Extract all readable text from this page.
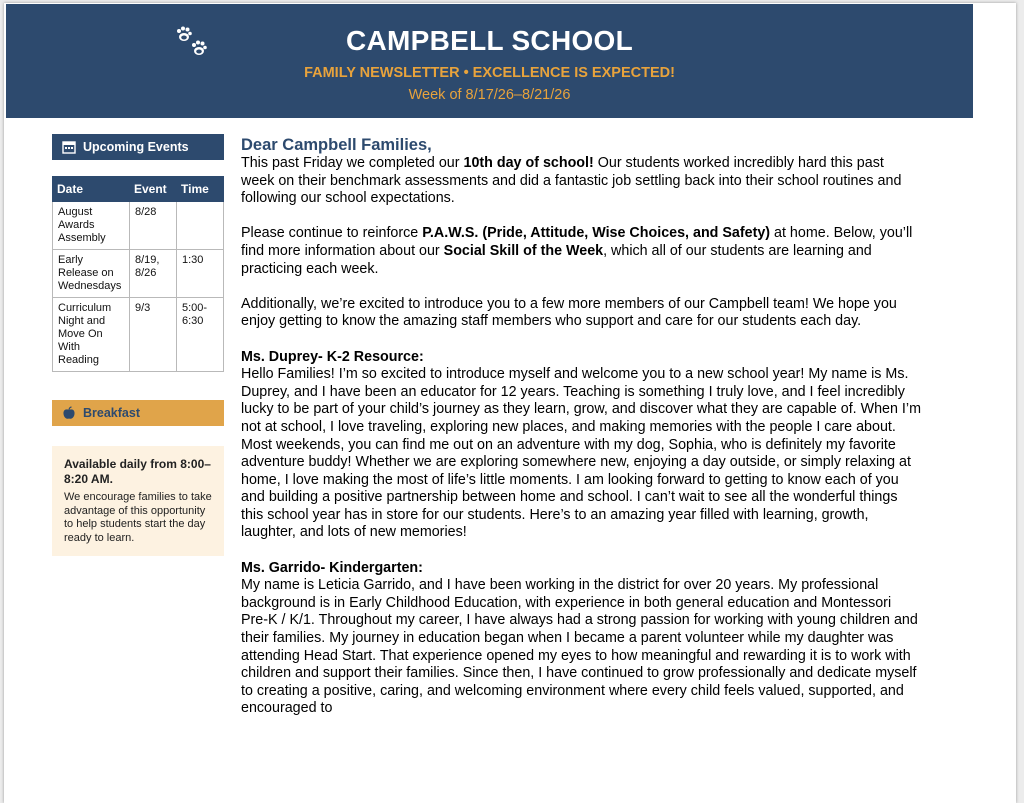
CAMPBELL SCHOOL
FAMILY NEWSLETTER • EXCELLENCE IS EXPECTED!
Week of 8/17/26–8/21/26
Upcoming Events
Date	Event	Time
August Awards Assembly	8/28	
Early Release on Wednesdays	8/19, 8/26	1:30
Curriculum Night and Move On With Reading	9/3	5:00-6:30
Breakfast
Available daily from 8:00–8:20 AM.
We encourage families to take advantage of this opportunity to help students start the day ready to learn.
Dear Campbell Families,

This past Friday we completed our 10th day of school! Our students worked incredibly hard this past week on their benchmark assessments and did a fantastic job settling back into their school routines and following our school expectations.

Please continue to reinforce P.A.W.S. (Pride, Attitude, Wise Choices, and Safety) at home. Below, you’ll find more information about our Social Skill of the Week, which all of our students are learning and practicing each week.

Additionally, we’re excited to introduce you to a few more members of our Campbell team! We hope you enjoy getting to know the amazing staff members who support and care for our students each day.

Ms. Duprey- K-2 Resource:

Hello Families! I’m so excited to introduce myself and welcome you to a new school year! My name is Ms. Duprey, and I have been an educator for 12 years. Teaching is something I truly love, and I feel incredibly lucky to be part of your child’s journey as they learn, grow, and discover what they are capable of. When I’m not at school, I love traveling, exploring new places, and making memories with the people I care about. Most weekends, you can find me out on an adventure with my dog, Sophia, who is definitely my favorite adventure buddy! Whether we are exploring somewhere new, enjoying a day outside, or simply relaxing at home, I love making the most of life’s little moments. I am looking forward to getting to know each of you and building a positive partnership between home and school. I can’t wait to see all the wonderful things this school year has in store for our students. Here’s to an amazing year filled with learning, growth, laughter, and lots of new memories!

Ms. Garrido- Kindergarten:

My name is Leticia Garrido, and I have been working in the district for over 20 years. My professional background is in Early Childhood Education, with experience in both general education and Montessori Pre-K / K/1. Throughout my career, I have always had a strong passion for working with young children and their families. My journey in education began when I became a parent volunteer while my daughter was attending Head Start. That experience opened my eyes to how meaningful and rewarding it is to work with children and support their families. Since then, I have continued to grow professionally and dedicate myself to creating a positive, caring, and welcoming environment where every child feels valued, supported, and encouraged to
